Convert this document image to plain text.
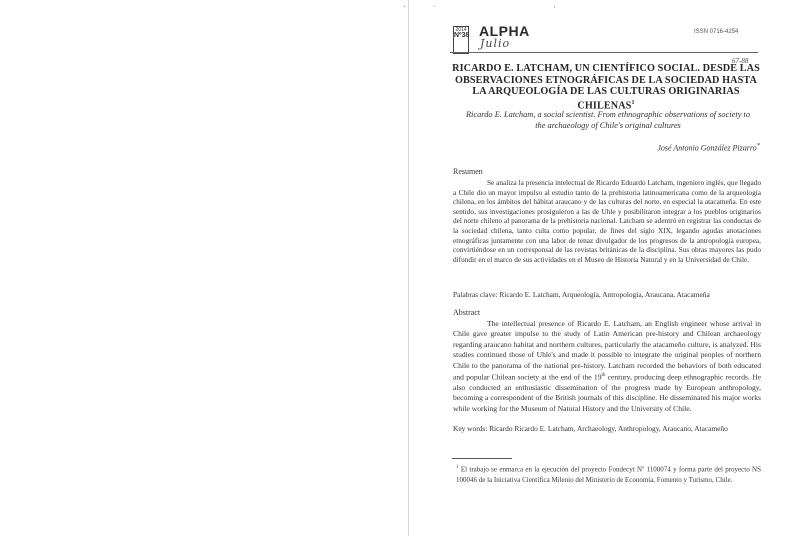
·	ˊ	·
2014
Nº38 ALPHA
Julio
ISSN 0716-4254
67-88
RICARDO E. LATCHAM, UN CIENTÍFICO SOCIAL. DESDE LAS OBSERVACIONES ETNOGRÁFICAS DE LA SOCIEDAD HASTA LA ARQUEOLOGÍA DE LAS CULTURAS ORIGINARIAS CHILENAS$^1$
Ricardo E. Latcham, a social scientist. From ethnographic observations of society to the archaeology of Chile's original cultures
José Antonio González Pizarro*
Resumen
Se analiza la presencia intelectual de Ricardo Eduardo Latcham, ingeniero inglés, que llegado a Chile dio un mayor impulso al estudio tanto de la prehistoria latinoamericana como de la arqueología chilena, en los ámbitos del hábitat araucano y de las culturas del norte, en especial la atacameña. En este sentido, sus investigaciones prosiguieron a las de Uhle y posibilitaron integrar a los pueblos originarios del norte chileno al panorama de la prehistoria nacional. Latcham se adentró en registrar las conductas de la sociedad chilena, tanto culta como popular, de fines del siglo XIX, legando agudas anotaciones etnográficas juntamente con una labor de tenaz divulgador de los progresos de la antropología europea, convirtiéndose en un corresponsal de las revistas británicas de la disciplina. Sus obras mayores las pudo difundir en el marco de sus actividades en el Museo de Historia Natural y en la Universidad de Chile.
Palabras clave: Ricardo E. Latcham, Arqueología, Antropología, Araucana, Atacameña
Abstract
The intellectual presence of Ricardo E. Latcham, an English engineer whose arrival in Chile gave greater impulse to the study of Latin American pre-history and Chilean archaeology regarding araucano habitat and northern cultures, particularly the atacameño culture, is analyzed. His studies continued those of Uhle's and made it possible to integrate the original peoples of northern Chile to the panorama of the national pre-history. Latcham recorded the behaviors of both educated and popular Chilean society at the end of the 19th century, producing deep ethnographic records. He also conducted an enthusiastic dissemination of the progress made by European anthropology, becoming a correspondent of the British journals of this discipline. He disseminated his major works while working for the Museum of Natural History and the University of Chile.
Key words: Ricardo Ricardo E. Latcham, Archaeology, Anthropology, Araucano, Atacameño
$^1$ El trabajo se enmarca en la ejecución del proyecto Fondecyt Nº 1100074 y forma parte del proyecto NS 100046 de la Iniciativa Científica Milenio del Ministerio de Economía, Fomento y Turismo, Chile.
